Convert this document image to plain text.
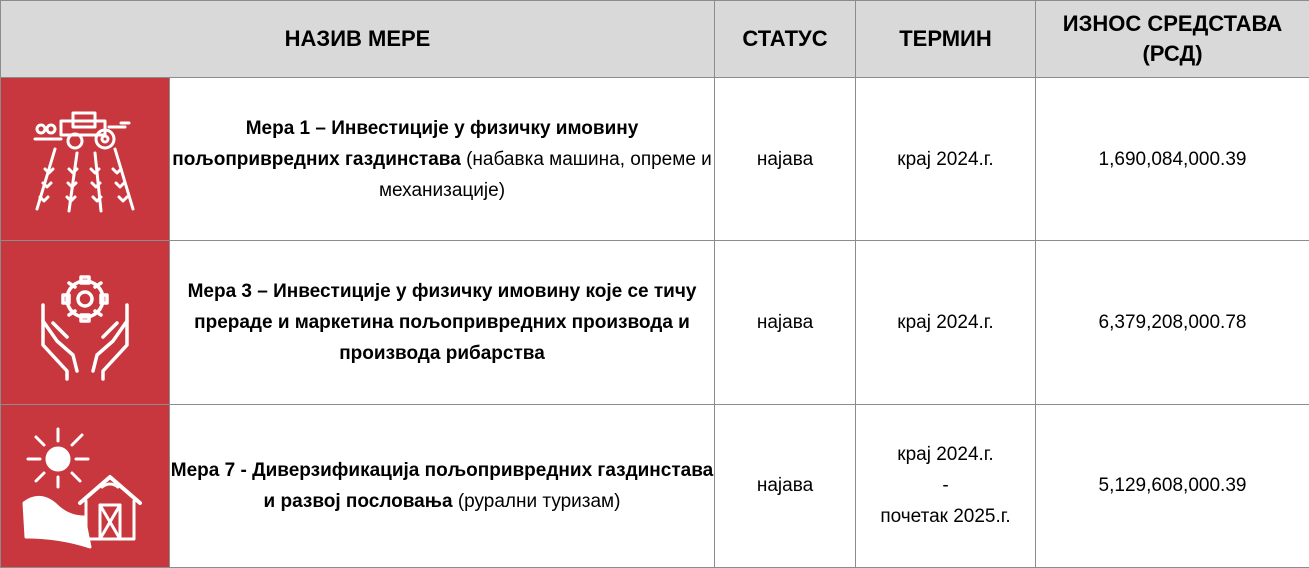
НАЗИВ МЕРЕ		СТАТУС	ТЕРМИН	ИЗНОС СРЕДСТАВА
(РСД)

	Мера 1 – Инвестиције у физичку имовину пољопривредних газдинстава (набавка машина, опреме и механизације)	најава	крај 2024.г.	1,690,084,000.39

	Мера 3 – Инвестиције у физичку имовину које се тичу прераде и маркетина пољопривредних производа и производа рибарства	најава	крај 2024.г.	6,379,208,000.78

	Мера 7 - Диверзификација пољопривредних газдинстава и развој пословања (рурални туризам)	најава	крај 2024.г.
-
почетак 2025.г.	5,129,608,000.39
